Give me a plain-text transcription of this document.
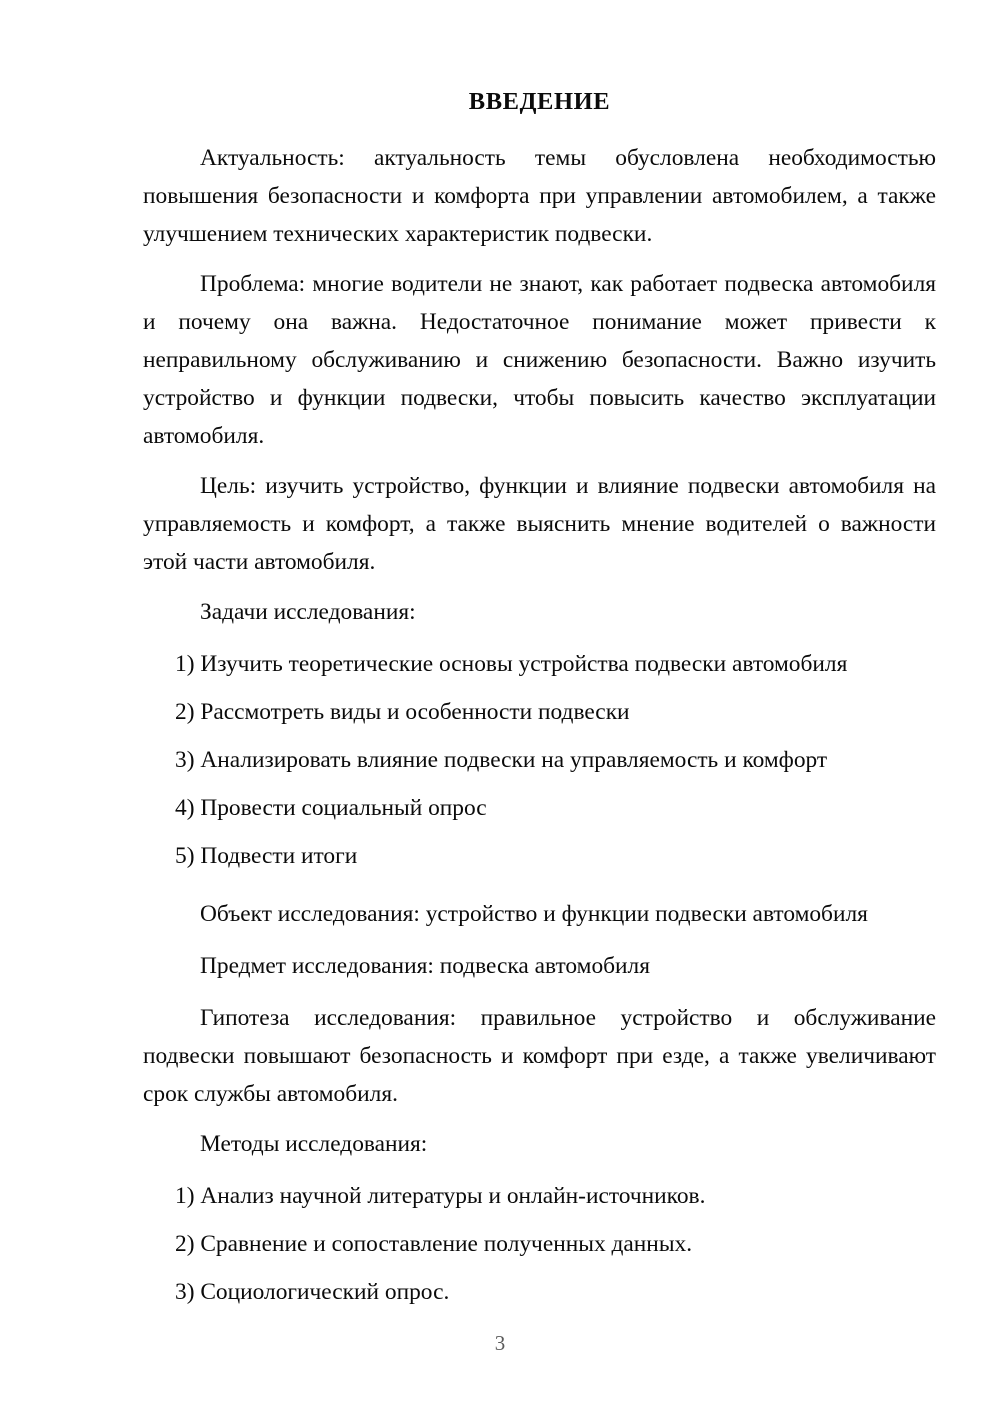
ВВЕДЕНИЕ

Актуальность: актуальность темы обусловлена необходимостью повышения безопасности и комфорта при управлении автомобилем, а также улучшением технических характеристик подвески.

Проблема: многие водители не знают, как работает подвеска автомобиля и почему она важна. Недостаточное понимание может привести к неправильному обслуживанию и снижению безопасности. Важно изучить устройство и функции подвески, чтобы повысить качество эксплуатации автомобиля.

Цель: изучить устройство, функции и влияние подвески автомобиля на управляемость и комфорт, а также выяснить мнение водителей о важности этой части автомобиля.

Задачи исследования:

1) Изучить теоретические основы устройства подвески автомобиля
2) Рассмотреть виды и особенности подвески
3) Анализировать влияние подвески на управляемость и комфорт
4) Провести социальный опрос
5) Подвести итоги

Объект исследования: устройство и функции подвески автомобиля

Предмет исследования: подвеска автомобиля

Гипотеза исследования: правильное устройство и обслуживание подвески повышают безопасность и комфорт при езде, а также увеличивают срок службы автомобиля.

Методы исследования:

1) Анализ научной литературы и онлайн-источников.
2) Сравнение и сопоставление полученных данных.
3) Социологический опрос.
3
